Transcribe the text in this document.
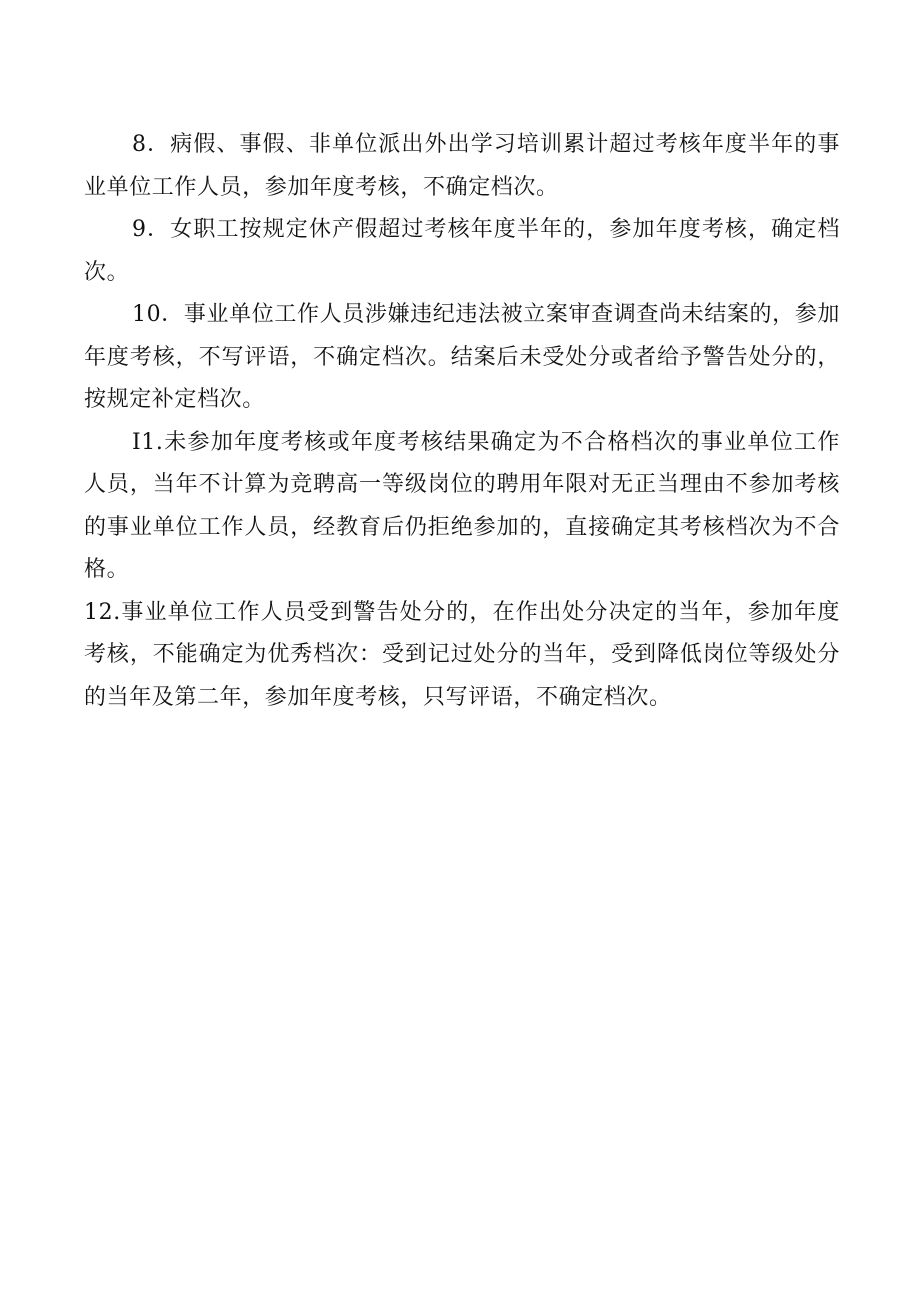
8．病假、事假、非单位派出外出学习培训累计超过考核年度半年的事业单位工作人员，参加年度考核，不确定档次。

9．女职工按规定休产假超过考核年度半年的，参加年度考核，确定档次。

10．事业单位工作人员涉嫌违纪违法被立案审查调查尚未结案的，参加年度考核，不写评语，不确定档次。结案后未受处分或者给予警告处分的，按规定补定档次。

I1.未参加年度考核或年度考核结果确定为不合格档次的事业单位工作人员，当年不计算为竞聘高一等级岗位的聘用年限对无正当理由不参加考核的事业单位工作人员，经教育后仍拒绝参加的，直接确定其考核档次为不合格。

12.事业单位工作人员受到警告处分的，在作出处分决定的当年，参加年度考核，不能确定为优秀档次：受到记过处分的当年，受到降低岗位等级处分的当年及第二年，参加年度考核，只写评语，不确定档次。
